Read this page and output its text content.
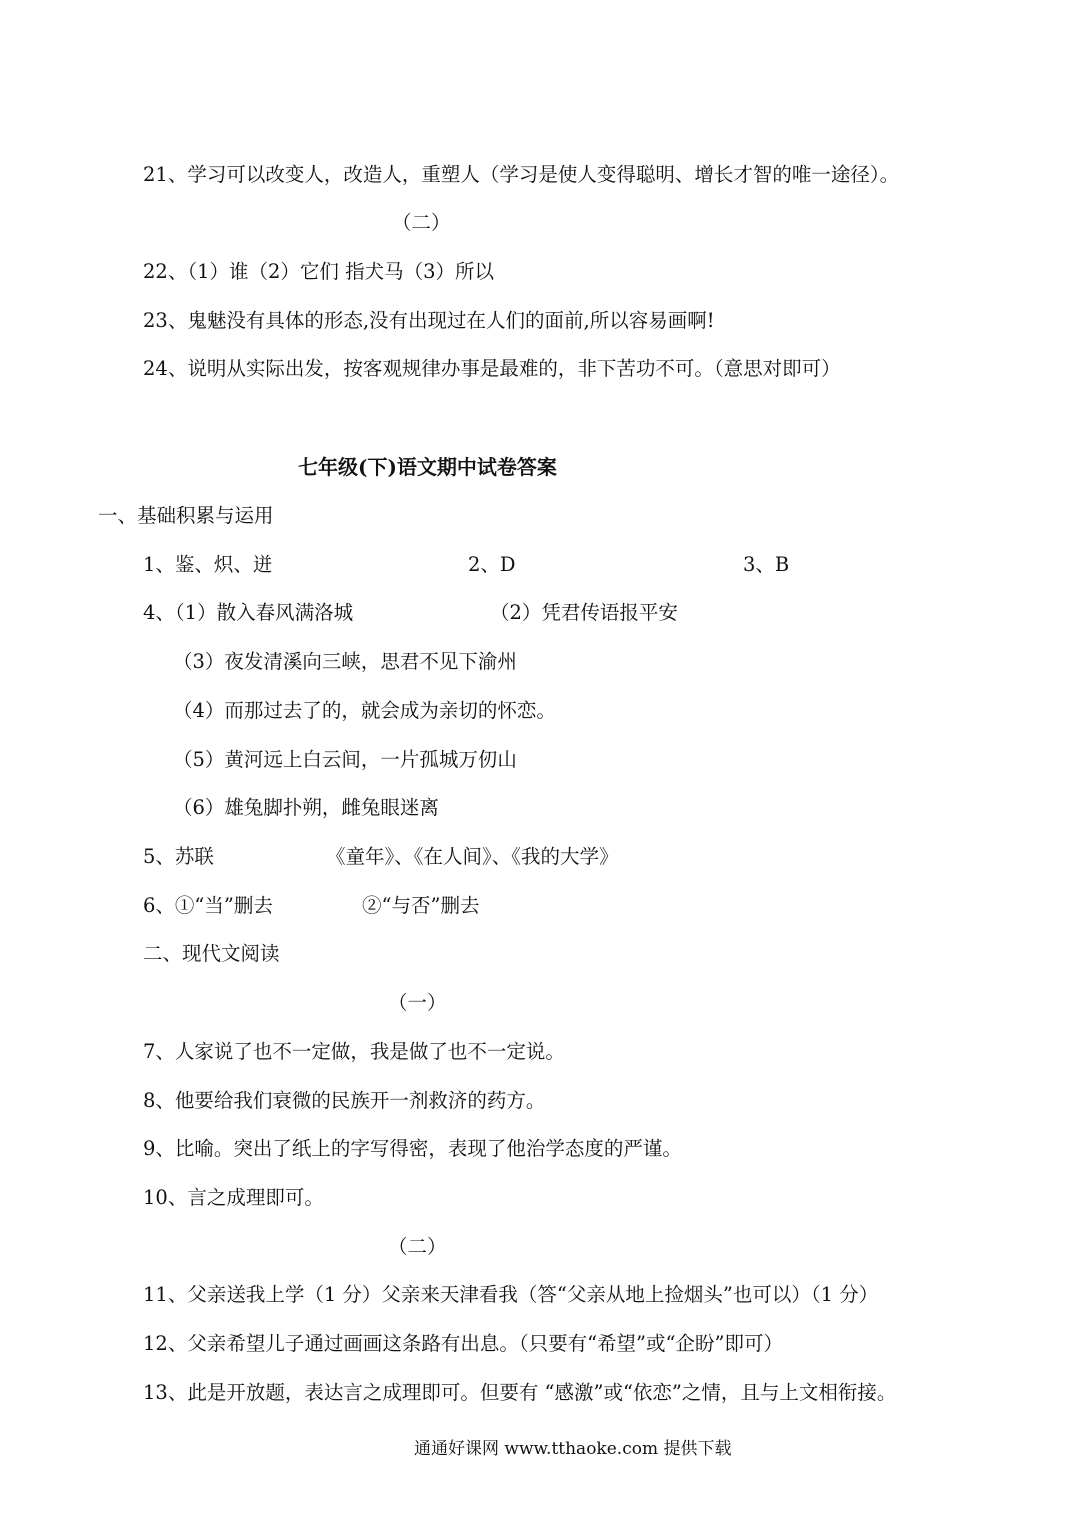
21、学习可以改变人，改造人，重塑人（学习是使人变得聪明、增长才智的唯一途径）。
（二）
22、（1）谁（2）它们 指犬马（3）所以
23、鬼魅没有具体的形态,没有出现过在人们的面前,所以容易画啊!
24、说明从实际出发，按客观规律办事是最难的，非下苦功不可。（意思对即可）
七年级(下)语文期中试卷答案
一、基础积累与运用
1、鉴、炽、迸	2、D	3、B
4、（1）散入春风满洛城	（2）凭君传语报平安
（3）夜发清溪向三峡，思君不见下渝州
（4）而那过去了的，就会成为亲切的怀恋。
（5）黄河远上白云间，一片孤城万仞山
（6）雄兔脚扑朔，雌兔眼迷离
5、苏联	《童年》、《在人间》、《我的大学》
6、①“当”删去	②“与否”删去
二、现代文阅读
（一）
7、人家说了也不一定做，我是做了也不一定说。
8、他要给我们衰微的民族开一剂救济的药方。
9、比喻。突出了纸上的字写得密，表现了他治学态度的严谨。
10、言之成理即可。
（二）
11、父亲送我上学（1 分）父亲来天津看我（答“父亲从地上捡烟头”也可以）（1 分）
12、父亲希望儿子通过画画这条路有出息。（只要有“希望”或“企盼”即可）
13、此是开放题，表达言之成理即可。但要有 “感激”或“依恋”之情，且与上文相衔接。
通通好课网 www.tthaoke.com 提供下载
